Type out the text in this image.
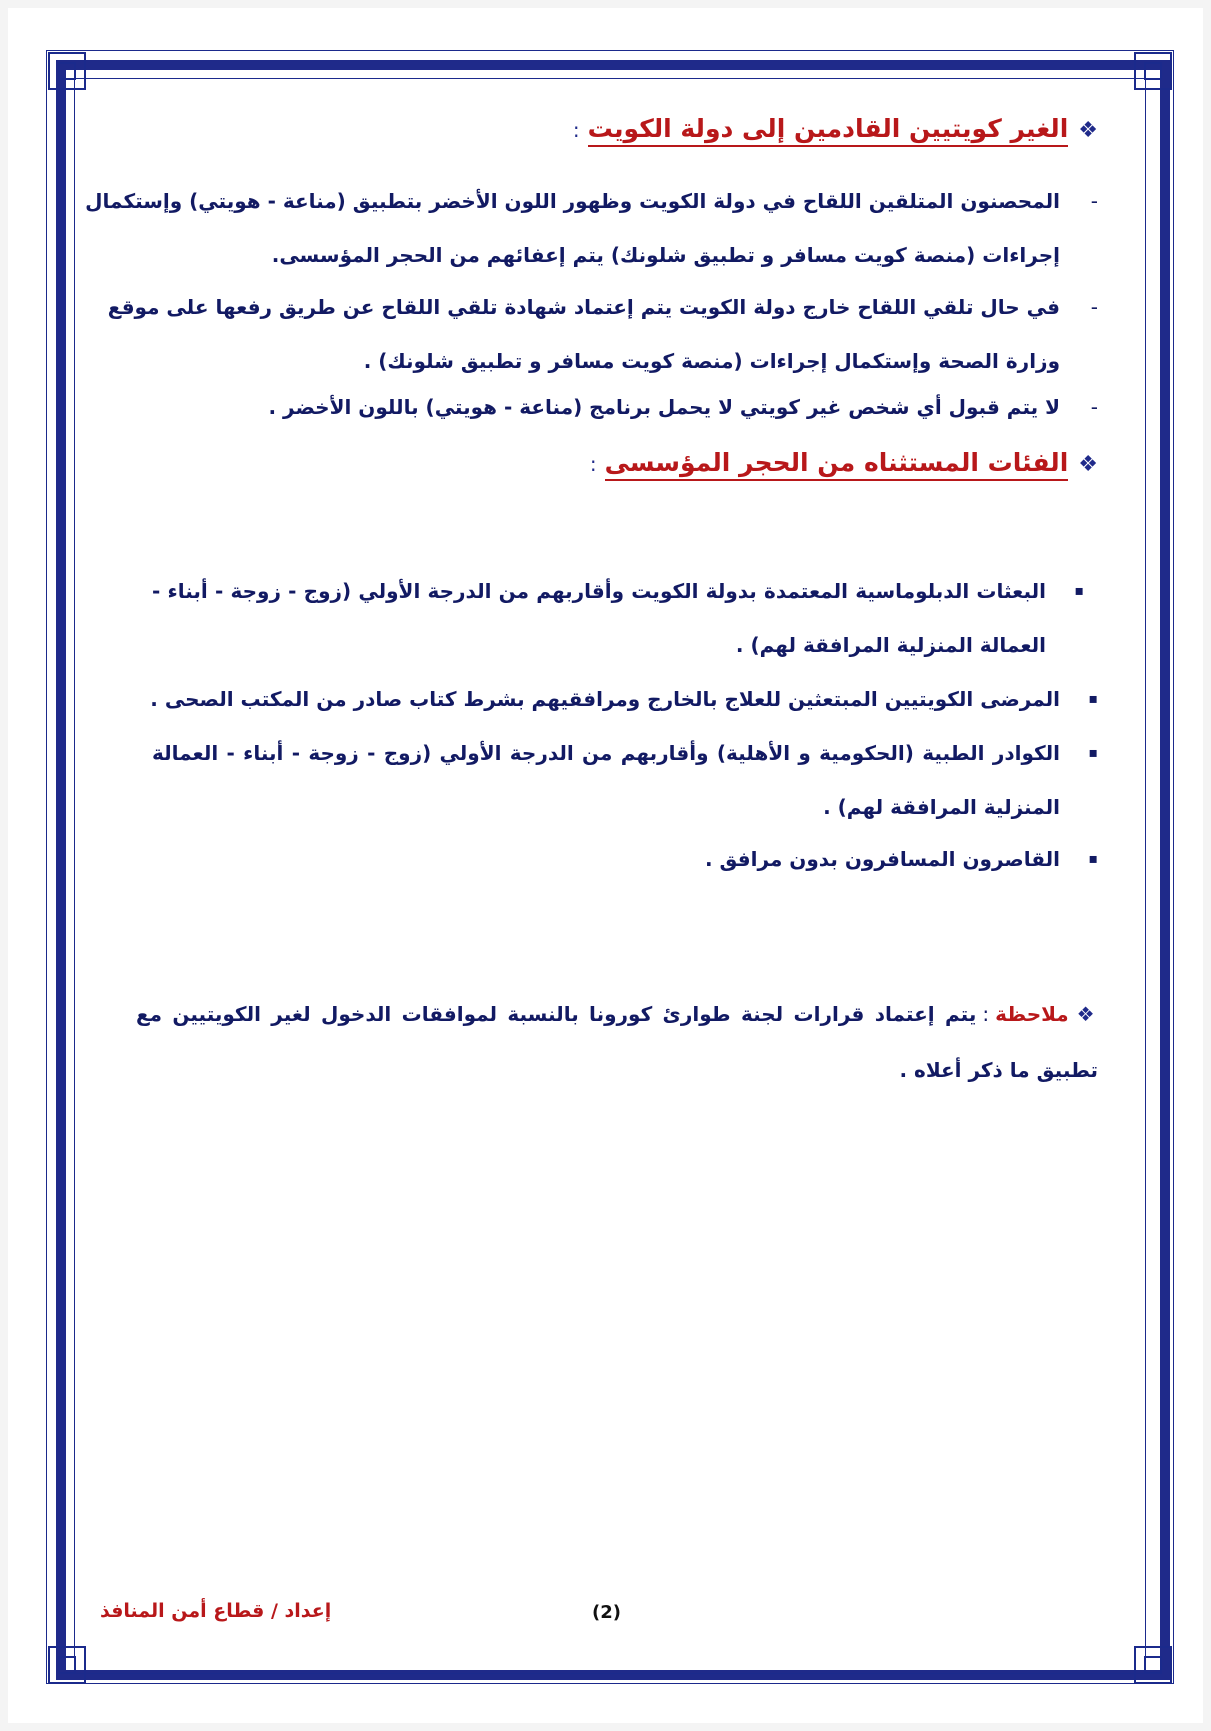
❖الغير كويتيين القادمين إلى دولة الكويت:
-
المحصنون المتلقين اللقاح في دولة الكويت وظهور اللون الأخضر بتطبيق (مناعة - هويتي) وإستكمال
إجراءات (منصة كويت مسافر و تطبيق شلونك) يتم إعفائهم من الحجر المؤسسى.
-
في حال تلقي اللقاح خارج دولة الكويت يتم إعتماد شهادة تلقي اللقاح عن طريق رفعها على موقع
وزارة الصحة وإستكمال إجراءات (منصة كويت مسافر و تطبيق شلونك) .
-
لا يتم قبول أي شخص غير كويتي لا يحمل برنامج (مناعة - هويتي) باللون الأخضر .
❖الفئات المستثناه من الحجر المؤسسى:
▪
البعثات الدبلوماسية المعتمدة بدولة الكويت وأقاربهم من الدرجة الأولي (زوج - زوجة - أبناء -
العمالة المنزلية المرافقة لهم) .
▪
المرضى الكويتيين المبتعثين للعلاج بالخارج ومرافقيهم بشرط كتاب صادر من المكتب الصحى .
▪
الكوادر الطبية (الحكومية و الأهلية) وأقاربهم من الدرجة الأولي (زوج - زوجة - أبناء - العمالة
المنزلية المرافقة لهم) .
▪
القاصرون المسافرون بدون مرافق .
❖ملاحظة:يتم إعتماد قرارات لجنة طوارئ كورونا بالنسبة لموافقات الدخول لغير الكويتيين مع
تطبيق ما ذكر أعلاه .
إعداد / قطاع أمن المنافذ	(2)
